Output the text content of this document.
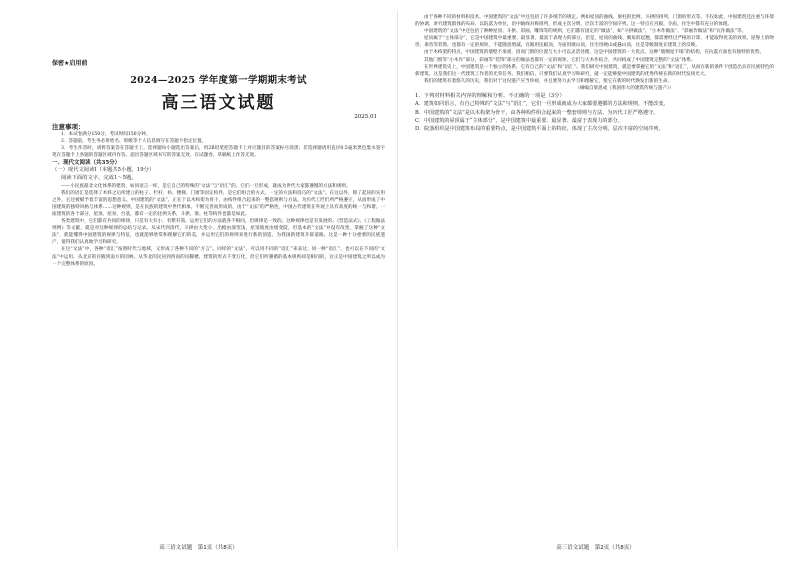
保密★启用前
2024—2025 学年度第一学期期末考试
高三语文试题
2025.01
注意事项：

1．本试卷满分150分，考试时间150分钟。

2．答题前，考生务必将姓名、班级等个人信息填写在答题卡指定位置。

3．考生作答时，请将答案答在答题卡上。选择题每小题选出答案后，用2B铅笔把答题卡上对应题目的答案标号涂黑；非选择题请用直径0.5毫米黑色墨水签字笔在答题卡上各题的答题区域内作答。超出答题区域书写的答案无效，在试题卷、草稿纸上作答无效。

一、现代文阅读（共35分）

（一）现代文阅读Ⅰ（本题共5小题，19分）

阅读下面的文字，完成1～5题。

——小民族最北文化体系的建筑，如同语言一样，是它自己的特殊的“文法”与“语汇”的。它们一旦形成，就成为世代大家都遵循的方法和规则。

我们的语汇是选择了木料之后所建立的柱子、栏杆、枋、楼梯、门窗等固定构件，是它们组合的方式、一定的方法和技巧的“文法”。在这以外，除了起居的实用之外，它还被赋予着丰富的思想意义。中国建筑的“文法”，正在于以木构架为骨干，由构件组合起来的一整套规则与方法，为历代工匠们所严格遵守，从而形成了中国建筑的独特风格与体系……这种规则，是在民族的建筑中世代相承，不断完善而形成的，由于“文法”的严格性，中国古代建筑在外观上具有高度的统一与和谐。一座建筑的各个部分，屋顶、屋身、台基，都有一定的比例关系，斗拱、梁、柱等构件也都是如此。

各类建筑中，它们都有共同的规律，只是有大有小，有繁有简，运用它们的方法就各不相同，但规律是一致的。这种规律也是有发展的。《营造法式》、《工程做法则例》等文献，就是对这种规律的总结与记录。从宋代到清代，斗拱由大变小，出檐由深变浅，屋顶坡度由缓变陡，但基本的“文法”并没有改变。掌握了这种“文法”，就能懂得中国建筑的规律与特征，也就能够欣赏和理解它们的美，并运用它们的规则来进行新的创造，为我国新建筑开辟道路。这是一种十分重要的民族遗产，值得我们认真地学习和研究。

在这“文法”中，各种“语汇”按照时代与地域，又形成了各种不同的“方言”。同样的“文法”，可以用不同的“语汇”来表达；同一种“语汇”，也可以在不同的“文法”中运用。从北京的宫殿到南方的园林，从华北的民居到西南的吊脚楼，建筑的形式千变万化，但它们所遵循的基本规则却是相同的，这正是中国建筑之所以成为一个完整体系的原因。

高三语文试题　第1页（共8页）

由于各种不同的材料和技术，中国建筑的“文法”中还包括了许多细节的规定。例如屋顶的曲线，梁柱的比例，斗拱的排列，门窗的形式等。不仅如此，中国建筑还注重与环境的协调，讲究建筑群体的布局，以院落为单位，沿中轴线对称排列，形成主次分明、层次丰富的空间序列。这一特点在宫殿、寺庙、住宅中都有充分的体现。

中国建筑的“文法”中还包括了种种屋顶、斗拱、彩画、雕饰等的规则，它们都有固定的“做法”，如“斗拱做法”、“小木作做法”、“彩画作做法”和“瓦作做法”等。

屋顶属于“主体部分”，它是中国建筑中最重要、最显著、最富于表现力的部分。但是，屋顶的曲线、翼角的起翘，都需要经过严格的计算，才能取得优美的效果。屋脊上的吻兽、垂兽等装饰，也都有一定的规矩，不能随意增减。宫殿用庑殿顶，寺庙用歇山顶，住宅用硬山或悬山顶，这是等级制度在建筑上的反映。

由于木构架的特点，中国建筑的墙壁不承重，因而门窗的位置与大小可以灵活处理，这是中国建筑的一大优点。这种“墙倒屋不塌”的结构，在抗震方面也有独特的优势。

其他门窗等“小木作”部分、彩画等“装饰”部分的做法也都有一定的规矩，它们与大木作结合，共同构成了中国建筑完整的“文法”体系。

在世界建筑史上，中国建筑是一个独立的体系，它有自己的“文法”和“语汇”。我们研究中国建筑，就是要掌握它的“文法”和“语汇”，从而在新的条件下创造出具有民族特色的新建筑。这是我们这一代建筑工作者的光荣任务。我们相信，只要我们认真学习和研究，就一定能够使中国建筑的优秀传统在新的时代发扬光大。

我们的建筑有着悠久的历史，我们对于这份遗产应当珍视，并且要努力去学习和理解它，使它在新的时代焕发出新的生命。

（摘编自梁思成《我国伟大的建筑传统与遗产》）

1．下列对材料相关内容的理解和分析，不正确的一项是（3分）

A．建筑如同语言，有自己特殊的“文法”与“语汇”，它们一旦形成就成为大家都要遵循的方法和规则，不能改变。

B．中国建筑的“文法”是以木构架为骨干，由各种构件组合起来的一整套规则与方法，为历代工匠严格遵守。

C．中国建筑的屋顶属于“主体部分”，是中国建筑中最重要、最显著、最富于表现力的部分。

D．院落组织是中国建筑布局的重要特点，是中国建筑平面上的特征，体现了主次分明、层次丰富的空间序列。

高三语文试题　第2页（共8页）
